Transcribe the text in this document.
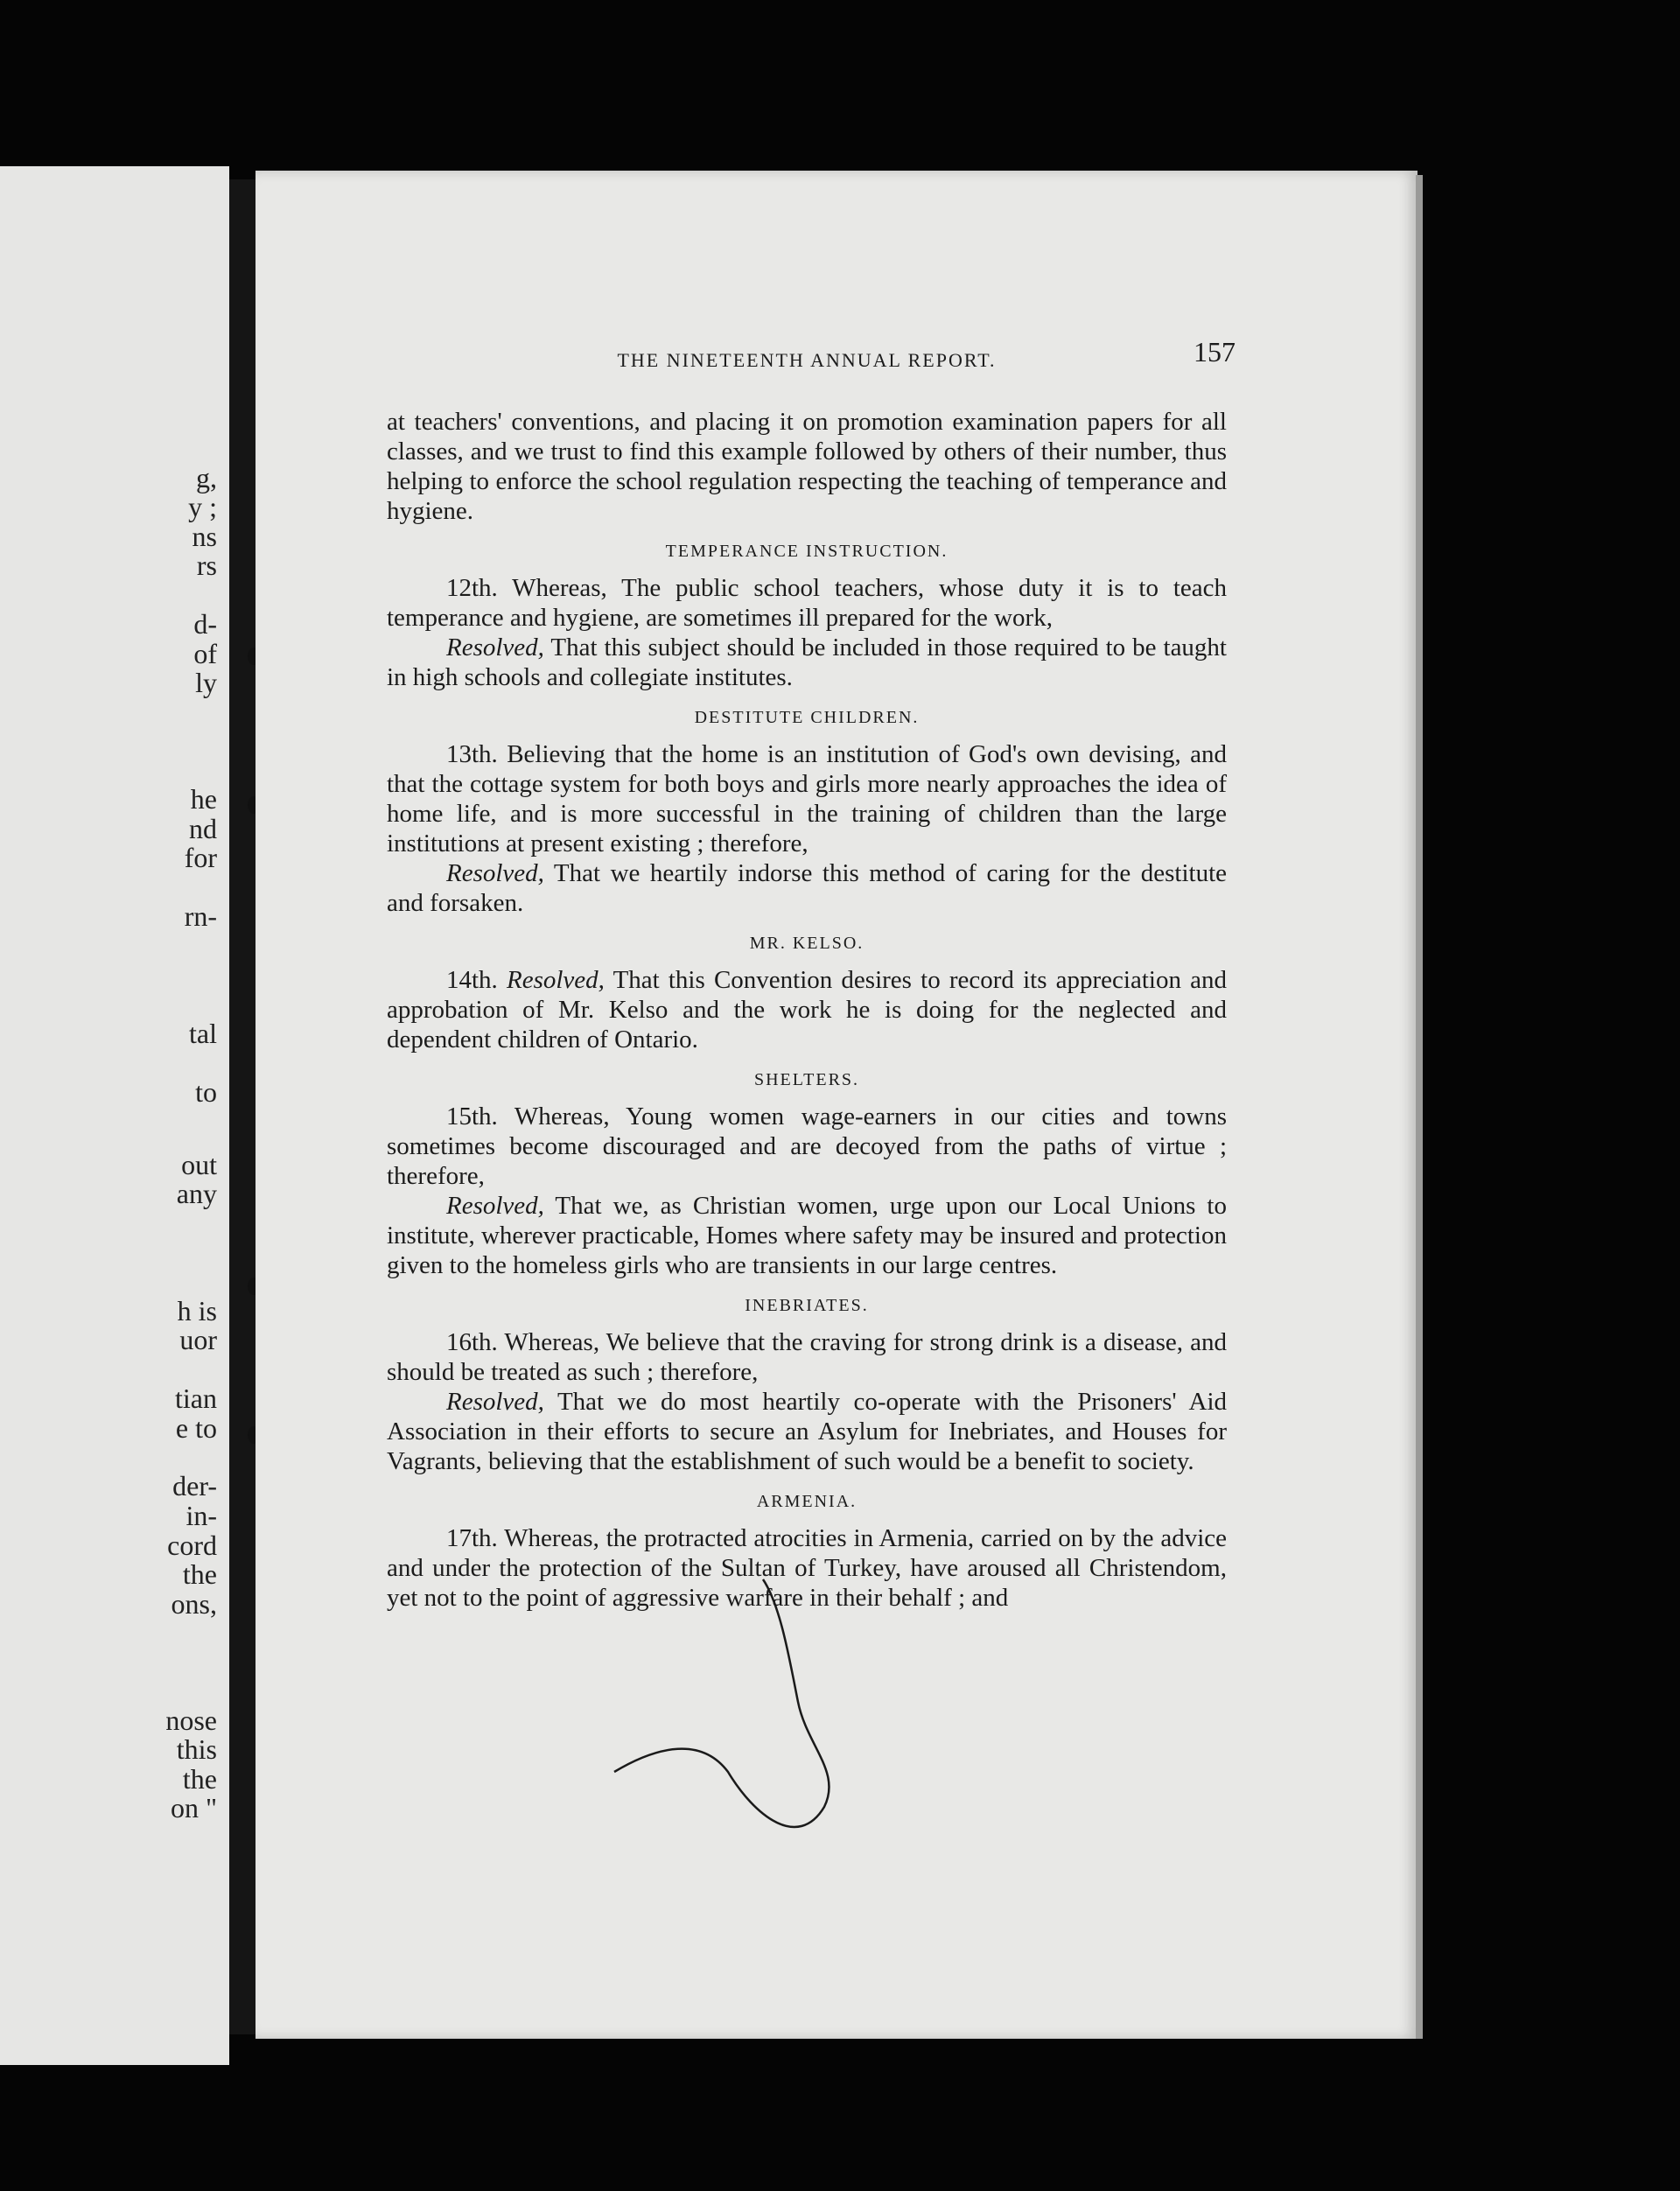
g,
y ;
ns
rs
d-
of
ly
he
nd
for
rn-
tal
to
out
any
h is
uor
tian
e to
der-
in-
cord
the
ons,
nose
this
the
on "
THE NINETEENTH ANNUAL REPORT.	157

at teachers' conventions, and placing it on promotion examination papers for all classes, and we trust to find this example followed by others of their number, thus helping to enforce the school regulation respecting the teaching of temperance and hygiene.

TEMPERANCE INSTRUCTION.

12th. Whereas, The public school teachers, whose duty it is to teach temperance and hygiene, are sometimes ill prepared for the work,

Resolved, That this subject should be included in those required to be taught in high schools and collegiate institutes.

DESTITUTE CHILDREN.

13th. Believing that the home is an institution of God's own devising, and that the cottage system for both boys and girls more nearly approaches the idea of home life, and is more successful in the training of children than the large institutions at present existing ; therefore,

Resolved, That we heartily indorse this method of caring for the destitute and forsaken.

MR. KELSO.

14th. Resolved, That this Convention desires to record its appreciation and approbation of Mr. Kelso and the work he is doing for the neglected and dependent children of Ontario.

SHELTERS.

15th. Whereas, Young women wage-earners in our cities and towns sometimes become discouraged and are decoyed from the paths of virtue ; therefore,

Resolved, That we, as Christian women, urge upon our Local Unions to institute, wherever practicable, Homes where safety may be insured and protection given to the homeless girls who are transients in our large centres.

INEBRIATES.

16th. Whereas, We believe that the craving for strong drink is a disease, and should be treated as such ; therefore,

Resolved, That we do most heartily co-operate with the Prisoners' Aid Association in their efforts to secure an Asylum for Inebriates, and Houses for Vagrants, believing that the establishment of such would be a benefit to society.

ARMENIA.

17th. Whereas, the protracted atrocities in Armenia, carried on by the advice and under the protection of the Sultan of Turkey, have aroused all Christendom, yet not to the point of aggressive warfare in their behalf ; and
